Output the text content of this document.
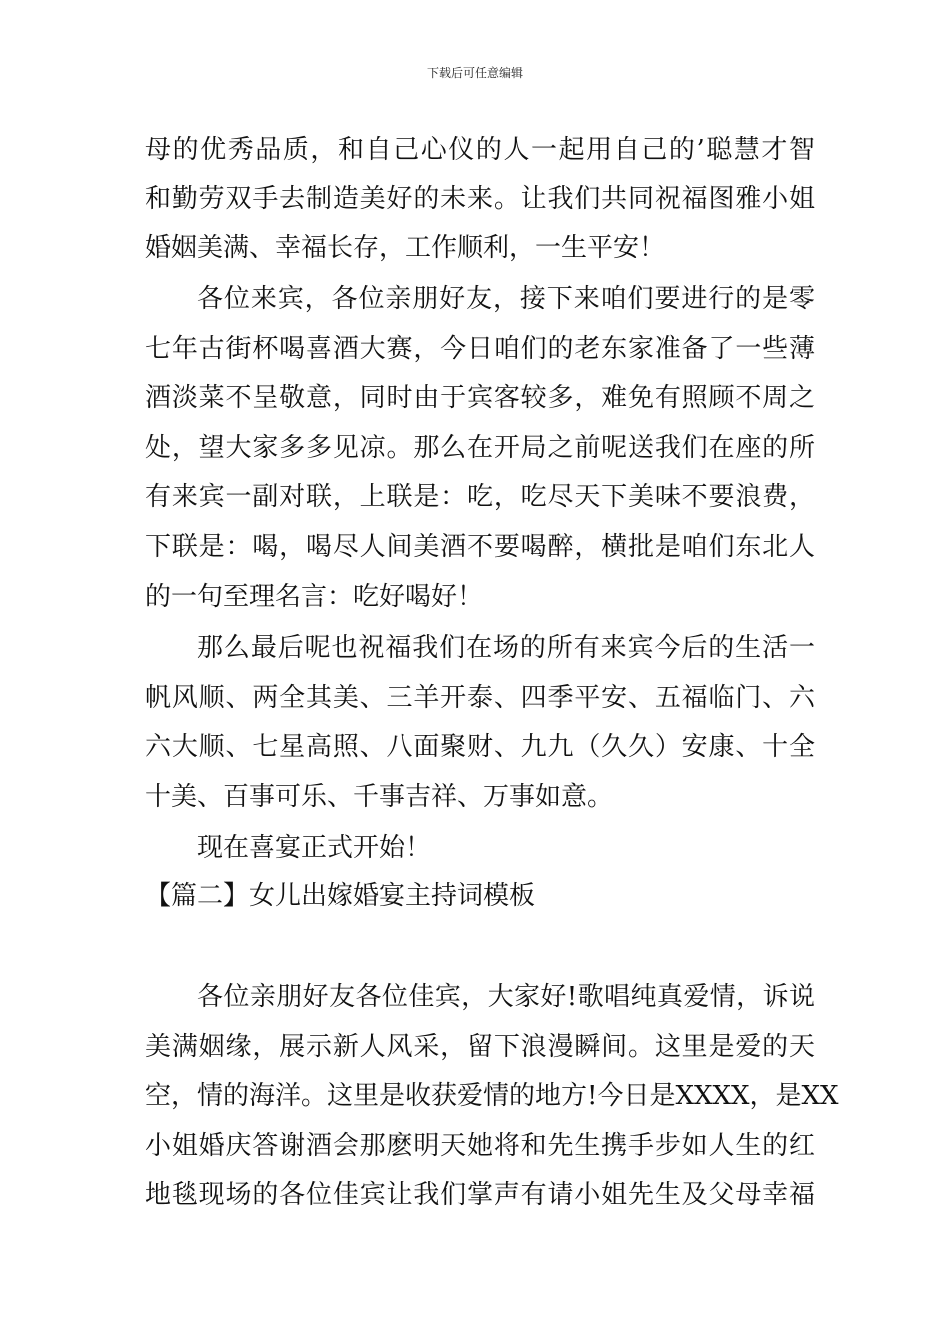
下载后可任意编辑
母的优秀品质，和自己心仪的人一起用自己的’聪慧才智
和勤劳双手去制造美好的未来。让我们共同祝福图雅小姐
婚姻美满、幸福长存，工作顺利，一生平安！
各位来宾，各位亲朋好友，接下来咱们要进行的是零
七年古街杯喝喜酒大赛，今日咱们的老东家准备了一些薄
酒淡菜不呈敬意，同时由于宾客较多，难免有照顾不周之
处，望大家多多见凉。那么在开局之前呢送我们在座的所
有来宾一副对联，上联是：吃，吃尽天下美味不要浪费，
下联是：喝，喝尽人间美酒不要喝醉，横批是咱们东北人
的一句至理名言：吃好喝好！
那么最后呢也祝福我们在场的所有来宾今后的生活一
帆风顺、两全其美、三羊开泰、四季平安、五福临门、六
六大顺、七星高照、八面聚财、九九（久久）安康、十全
十美、百事可乐、千事吉祥、万事如意。
现在喜宴正式开始！
【篇二】女儿出嫁婚宴主持词模板
各位亲朋好友各位佳宾，大家好!歌唱纯真爱情，诉说
美满姻缘，展示新人风采，留下浪漫瞬间。这里是爱的天
空，情的海洋。这里是收获爱情的地方!今日是XXXX，是XX
小姐婚庆答谢酒会那麽明天她将和先生携手步如人生的红
地毯现场的各位佳宾让我们掌声有请小姐先生及父母幸福
